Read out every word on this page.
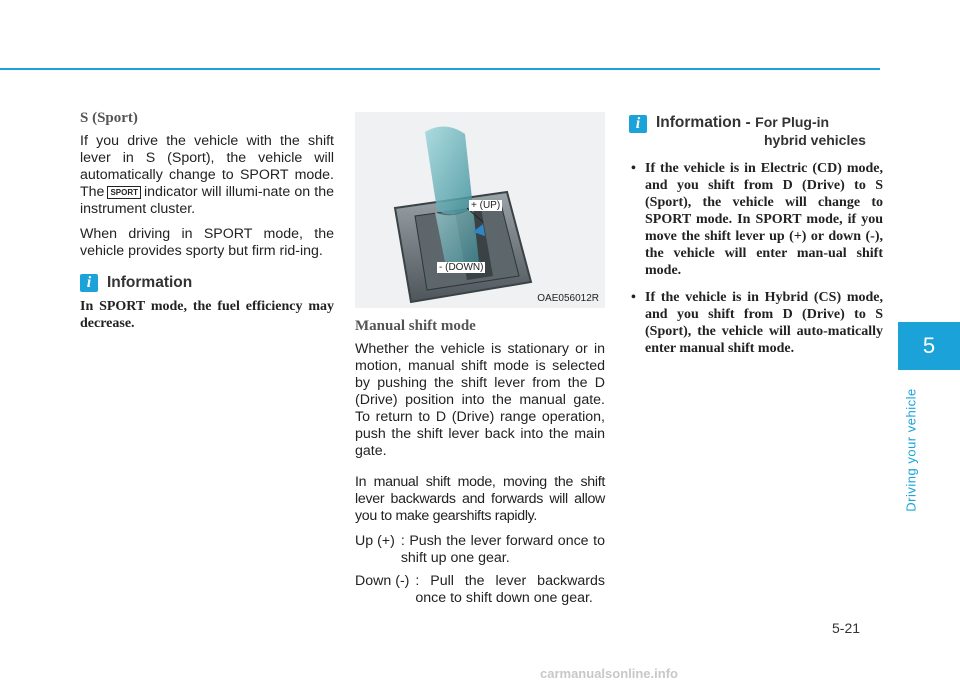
5
Driving your vehicle
S (Sport)

If you drive the vehicle with the shift lever in S (Sport), the vehicle will automatically change to SPORT mode. The SPORT indicator will illumi-nate on the instrument cluster.

When driving in SPORT mode, the vehicle provides sporty but firm rid-ing.

i	Information

In SPORT mode, the fuel efficiency may decrease.

+ (UP)
- (DOWN)
OAE056012R
Manual shift mode

Whether the vehicle is stationary or in motion, manual shift mode is selected by pushing the shift lever from the D (Drive) position into the manual gate. To return to D (Drive) range operation, push the shift lever back into the main gate.

In manual shift mode, moving the shift lever backwards and forwards will allow you to make gearshifts rapidly.

Up (+) : Push the lever forward once to shift up one gear.
Down (-) : Pull the lever backwards once to shift down one gear.
i	Information - For Plug-in
hybrid vehicles
• If the vehicle is in Electric (CD) mode, and you shift from D (Drive) to S (Sport), the vehicle will change to SPORT mode. In SPORT mode, if you move the shift lever up (+) or down (-), the vehicle will enter man-ual shift mode.
• If the vehicle is in Hybrid (CS) mode, and you shift from D (Drive) to S (Sport), the vehicle will auto-matically enter manual shift mode.
5-21
carmanualsonline.info
